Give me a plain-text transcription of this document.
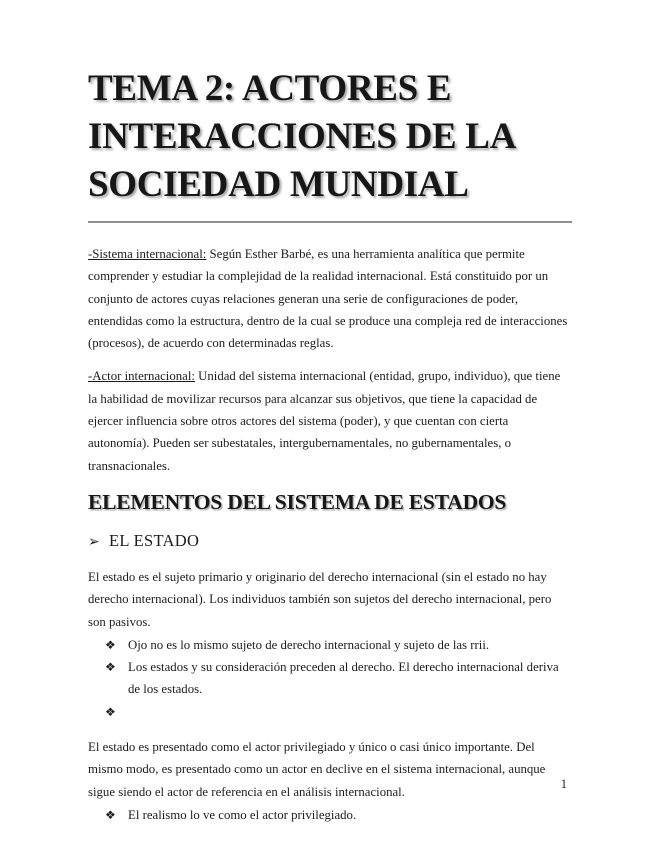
TEMA 2: ACTORES E INTERACCIONES DE LA SOCIEDAD MUNDIAL

-Sistema internacional: Según Esther Barbé, es una herramienta analítica que permite comprender y estudiar la complejidad de la realidad internacional. Está constituido por un conjunto de actores cuyas relaciones generan una serie de configuraciones de poder, entendidas como la estructura, dentro de la cual se produce una compleja red de interacciones (procesos), de acuerdo con determinadas reglas.

-Actor internacional: Unidad del sistema internacional (entidad, grupo, individuo), que tiene la habilidad de movilizar recursos para alcanzar sus objetivos, que tiene la capacidad de ejercer influencia sobre otros actores del sistema (poder), y que cuentan con cierta autonomía). Pueden ser subestatales, intergubernamentales, no gubernamentales, o transnacionales.

ELEMENTOS DEL SISTEMA DE ESTADOS
➢ EL ESTADO

El estado es el sujeto primario y originario del derecho internacional (sin el estado no hay derecho internacional). Los individuos también son sujetos del derecho internacional, pero son pasivos.

❖ Ojo no es lo mismo sujeto de derecho internacional y sujeto de las rrii.
❖ Los estados y su consideración preceden al derecho. El derecho internacional deriva de los estados.
❖

El estado es presentado como el actor privilegiado y único o casi único importante. Del mismo modo, es presentado como un actor en declive en el sistema internacional, aunque sigue siendo el actor de referencia en el análisis internacional.

❖ El realismo lo ve como el actor privilegiado.
1
